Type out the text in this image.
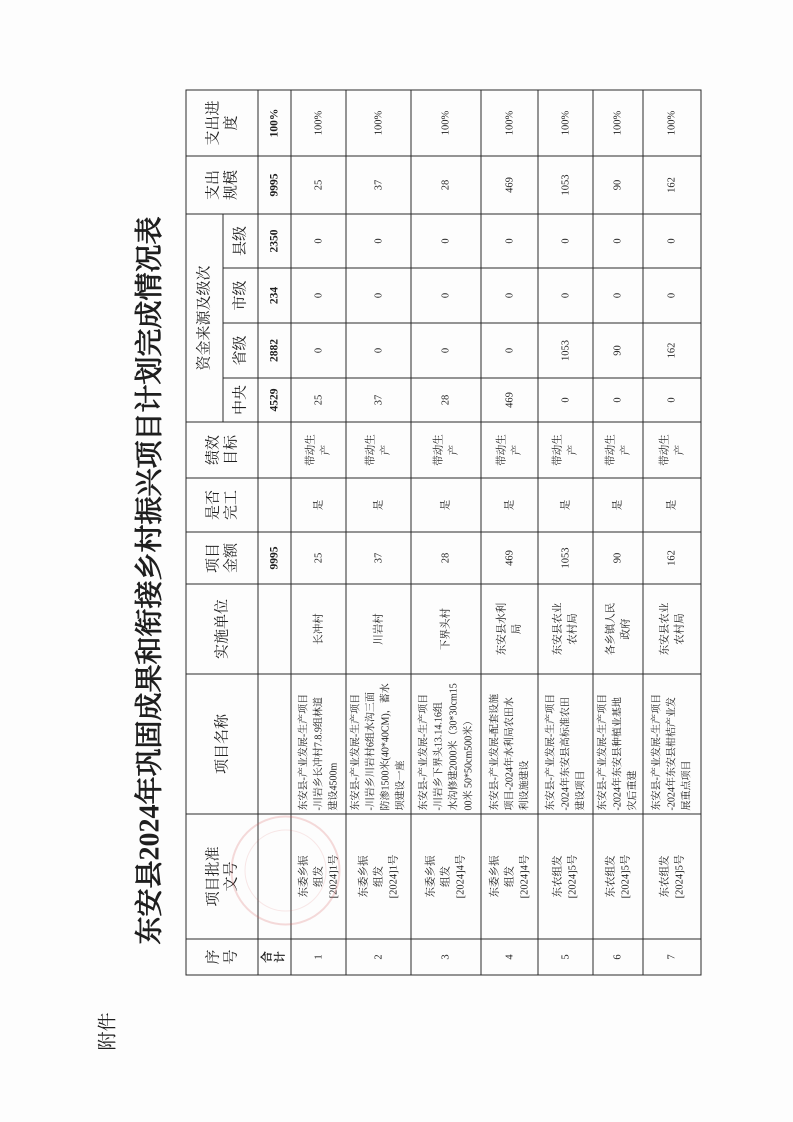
附件
东安县2024年巩固成果和衔接乡村振兴项目计划完成情况表
序 号	项目批准 文号	项目名称	实施单位	项目 金额	是否 完工	绩效 目标	资金来源及级次				支出 规模	支出进 度

							中央	省级	市级	县级		

合 计				9995			4529	2882	234	2350	9995	100%
1	东委乡振 组发 [2024]1号	东安县-产业发展-生产项目 -川岩乡长冲村7.8.9组林道 建设4500m	长冲村	25	是	带动生 产	25	0	0	0	25	100%
2	东委乡振 组发 [2024]1号	东安县-产业发展-生产项目 -川岩乡川岩村6组水沟三面 防渗1500米(40*40CM)，蓄水 坝建设一座	川岩村	37	是	带动生 产	37	0	0	0	37	100%
3	东委乡振 组发 [2024]4号	东安县-产业发展-生产项目 -川岩乡下界头13.14.16组 水沟修建2000米（30*30cm15 00米 50*50cm500米）	下界头村	28	是	带动生 产	28	0	0	0	28	100%
4	东委乡振 组发 [2024]4号	东安县-产业发展-配套设施 项目-2024年水利局农田水 利设施建设	东安县水利 局	469	是	带动生 产	469	0	0	0	469	100%
5	东农组发 [2024]5号	东安县-产业发展-生产项目 -2024年东安县高标准农田 建设项目	东安县农业 农村局	1053	是	带动生 产	0	1053	0	0	1053	100%
6	东农组发 [2024]5号	东安县-产业发展-生产项目 -2024年东安县种植业基地 灾后重建	各乡镇人民 政府	90	是	带动生 产	0	90	0	0	90	100%
7	东农组发 [2024]5号	东安县-产业发展-生产项目 -2024年东安县柑桔产业发 展重点项目	东安县农业 农村局	162	是	带动生 产	0	162	0	0	162	100%
